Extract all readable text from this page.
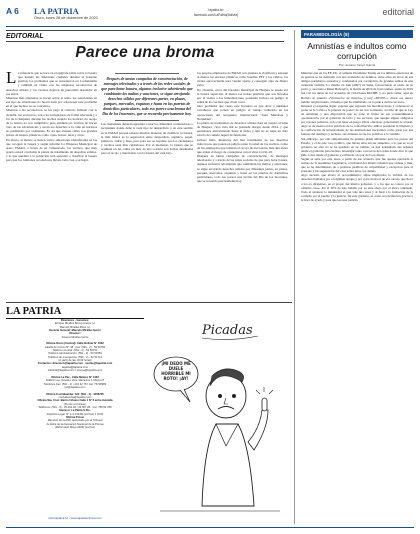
A 6 LA PATRIA
Oruro, lunes 28 de diciembre de 2020
lapatria.bo
facebook.com/LaPatria(Bolivia)	editorial
EDITORIAL
Parece una broma

La inferencia que se hace en el epígrafe habla sobre la basura que inundó las diferentes ciudades durante la presente gestión, los problemas que se presentaron en Cochabamba y también en Oruro con las empresas recolectoras de desechos sólidos y los vecinos dejaron un panorama desolador en ese sitios.

Mientras más amenazas se hacen sobre el tema, las autoridades en ese tipo de situaciones no hacen nada por solucionar este problema en el que incluso no se concentra.

Mientras a las recolectoras se les paga el contrato firmado con la alcaldía, los vecinos no ven a los trabajadores de forma adecuada y a los de la limpieza durante las noches cuando los horarios de recojo de la basura no son cumplidos; pero también los vecinos no hacen caso de las advertencias y sacan los desechos a la calle en horarios no permitidos por ordenanza. Es así que existen calles con grandes bolsas de basura, plásticos como cajas, bolsas, latas y otros.

En Oruro, al menos se tienen varios situaciones identificadas en las que recogen la basura y según informe La Empresa Municipal de Aseo, EMAO, a través de un comunicado, los vecinos, que muy pronto estará concluida la planta de tratamiento de desechos sólidos, y lo que quedará a la población será aprender a clasificar la basura para que los camiones recolectores lleven cada cosa a su lugar.

Después de tantas campañas de concienciación, de mensajes televisados y a través de las redes sociales de que para botar basura, algunos inclusive advirtiendo que cambiarán las multas y sanciones, se sigue arrojando desechos sólidos por diferentes partes, en plazas, parques, mercados, esquinas y hasta en las puertas de domicilios particulares, todo eso parece una broma del Día de los Inocentes, que se recuerda precisamente hoy.

Las ciudadanas deberán aprender a usar los diferentes contenedores o recipientes donde debe ir cada tipo de desperdicio y en este sentido es la EMAO porque existen muchas maneras de clasificar la basura, la más básica es la separación entre desperdicio orgánico, papel, plásticos, vidrio y latas, pero para eso se requiere que los ciudadanos y vecinos sean más cuidadosos. Por el momento, la basura que se acumula en las calles en más de una ocasión son bolsas destinadas para el recojo y mezcladas con la basura del cual hay...

los propios empleados de EMAO son quienes la clasifican y separan al menos los envases plásticos como botellas PET y los vidrios, los cuales aprovecharán para vender aparte y conseguir algo de dinero extra.

No obstante, cerca del botadero municipal de Huajara se puede ver la basura esparcida, al menos las bolsas plásticas que son llevadas por el viento a las inmediaciones, poniendo incluso en peligro la salud de los vecinos que viven cerca.

Otro problema que causa este botadero es que atrae a animales carroñeros que ponen en peligro el trabajo realizado en las operaciones del aeropuerto internacional "Juan Mendoza y Nernuldes".

La planta de tratamiento de desechos sólidos dará un respiro al tema de Huajara, cuya vida útil se pretende alargar desde 2014, y que permanece interviniendo hasta la fecha y aún no se tiene un dato exacto de cuándo dejará de funcionar.

Incluso hubo denuncias del mal tratamiento de los desechos infecciosos que ponen en peligro tanto la salud de los vecinos, como de los empleados que realizan el recojo de esa basura, más aún ahora que existe el riesgo de contagiarse con el virus Covid-19.

Después de tantas campañas de concienciación, de mensajes televisados y a través de las redes sociales de que para botar basura, algunos inclusive advirtiendo que cambiarán las multas y sanciones, se sigue arrojando desechos sólidos por diferentes partes, en plazas, parques, mercados, esquinas y hasta en las puertas de domicilios particulares, todo eso parece una broma del Día de los Inocentes, que se recuerda precisamente hoy.

LA PATRIA
Directores - Gerentes:
Enrique Miralles Bove(+)(aires (+)
Marcelo Miralles Bove (+)
Gerente General: Marcelo Miralles Iporre
Director:
Ximena Miralles Iporre

Oficina Oruro (Central): Calle Bolívar N° 1632
Casilla de Correo N° 48 - Fax: (591 - 2) - 52 50782
Teléfono Central: (591 - 2) - 52 50761
Teléfono Administración: (591 - 2) - 52 50783
Teléfono de emergencia: (591 - 2) - 52 51714
(A partir de las 20:00 horas)
Contactos: direccion@lapatria.com - ventas@lapatria.com
lapatria@lapatria.com
editorial@lapatria.com / prensa@lapatria.com

Oficina La Paz - Calle México N° 1433
Edificio Los Claveles Lbra. Mezanine 1 Oficina 8
Teléfonos Fax: (591 - 2) - 231 32 78 / Cel. 76728983
lpz@lapatria.com

Oficina Cochabamba: Telf. (591 - 4) - 4458735
cochabamba@lapatria.com
Oficina Sta. Cruz: Barrio Urbano Calle 1 N° 6 entre Avenida
(Frente al Coliseo)
Teléfonos: (591 - 3) - 35 464 66 / 36 567 28 - Cel. 788 52 788
Impreso: La Patria S.R.L.
Depósito Legal: N° 4-3-219-80 (La Paz) 1 (100)
Oficina Potosí
Miembro de la ANP, autorizado por el Tribunal
de Ética de la Asociación Nacional de la Prensa
(Reformado Mayo 2003) (La Paz)
www.lapatria.bo - www.lapatriaenlinea.com
Picadas
¡MI DEDO ME DUELE HORRIBLE MI ROTO! ¡AY!
PARAMIDOLOGÍA (8)
Amnistías e indultos como corrupción
Por: Antonio Yasyrr Garcia

Mientras que en los EE.UU. el saliente Presidente Trump en los últimos estertores de su gestión se ha dedicado con una avalancha de indultos, entre ellos en favor de sus amigos partidarios acusados y condenados por corrupción, de grandes sumos de una avanzada víctima. Lo mismo en Irak (2007) en Italia, favoreciendo el padre de su yerno y, asociado a Rusel Bobowicz, la matriz de 2019 de José Gómez, quien en 2019 fue con los datos de los acusados de violaciones DD.HH. y, no pudo fallar, aquí en Bolivia se anuncia «Vicerrector de Justicia» y Ley «DD.EE.», dicen «se nuevo indulto tergiversando, al tiempo que ha amnistiado, se lo pide a ciertos sectores.

Después el esquema sigue: esperan que regresen las movilizaciones y ordenaron; el poder se le volvía a la jefatura de poder; de las dos vertientes, al tema de que la Ley de amnistías y una disposición que se pone al frente de sus consentimientos «pertenecerá» por el gobierno de facto y los sectores, que aunque siguen obligados por razones políticas, todo con tener en juego. Otras «fuerzas» gobernantes le acusan. Algo se da cuenta en las prácticas de la conformación; ambos ponderan la limpieza y la confiscación de inversionistas de las instituciones nacionales como parte por sus fuerzas del desmayo y rechazo, sus órdenes, no de los políticos a lo vendido.

Sin embargo, por ello simpatizantes de quienes piden amnistías para los presos del Estado, y el de este caso político, que llevan años sin ser absueltos, a lo que se ve el gobierno no sólo no se ha quedado en su camino, se han acumulado sus órdenes desde el gobierno para incluso investigar tanto a terceros del orden donde dice lo que pide, todos desde el gobierno y el Estado a la par de la ex-líneas.

Según se sabe por esta tarea, a partir de ese acuerdo, que fue apenas aprobada la nomas de la Asamblea Legislativa, el tribunal del mismo tribunal que ordena y más, que se ha determinado de a posturas jurídicas de culpabilidad y excepción para el presente y las sugerencias del caso sobre ellos, los demás.

Algo sucedió que abonó el procedimiento: sigue implicados la víctima de los derechos humanos por el régimen ataque y por estos motivos de «la cárcel» que llevó a los ex dirigentes, en el propio del mismo gobierno, y a los que se conoce por el «mismo caso». En el 30% de este indulto por su ante abajo por el ahora ordenado. Todo al alcanzar la inmunidad al que vale una tarea y al final a la formación de la condena por el pueblo y la justicia, fin este gobierno es como reconciliación gracias a la hora de ayuda y para que sea una justicia.
